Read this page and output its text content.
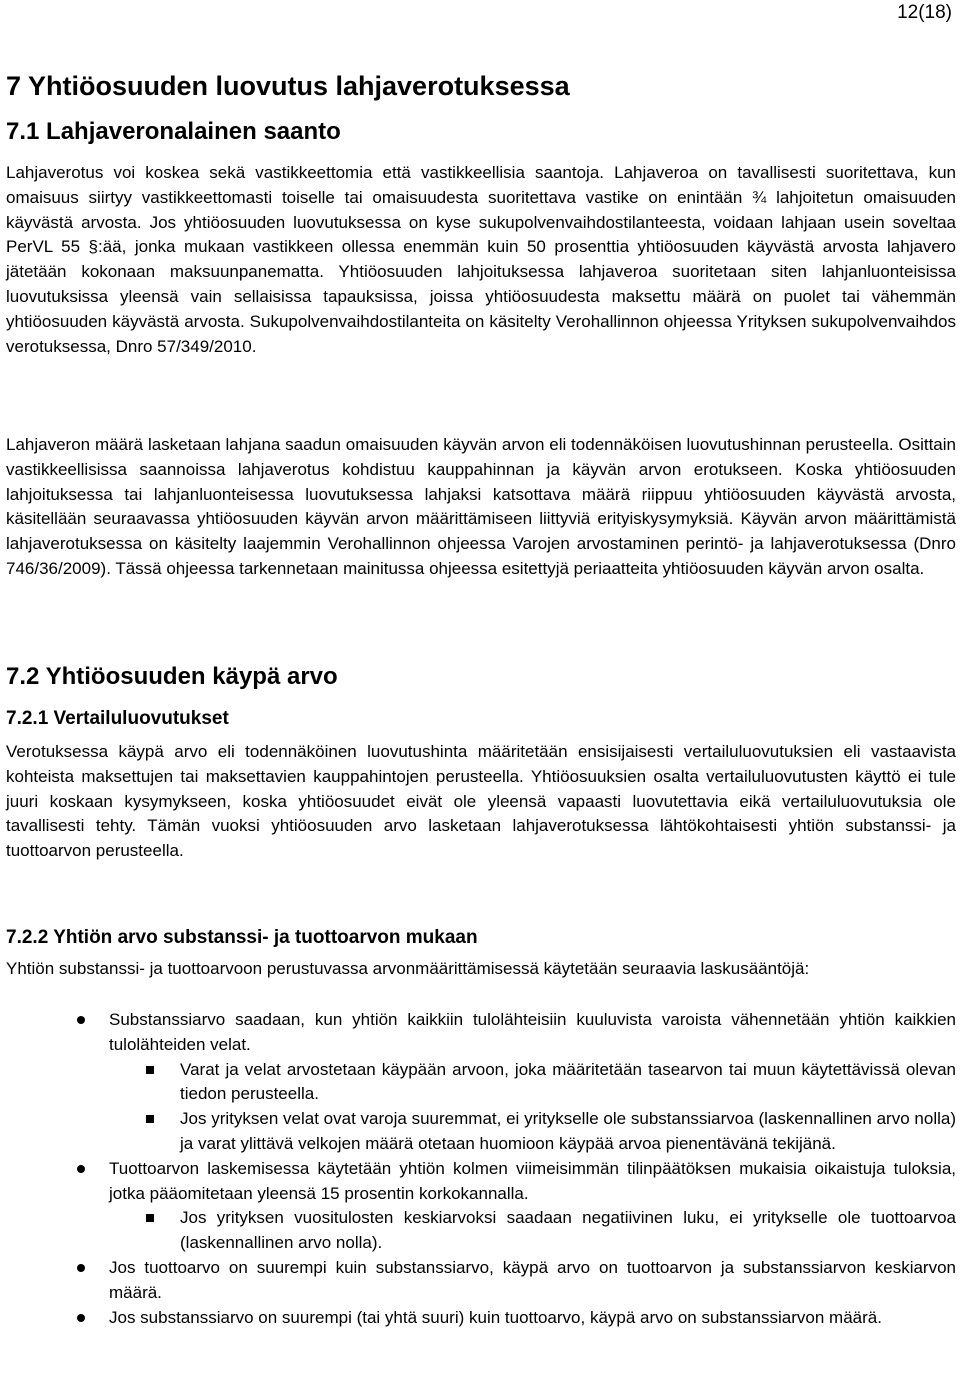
12(18)
7 Yhtiöosuuden luovutus lahjaverotuksessa
7.1 Lahjaveronalainen saanto

Lahjaverotus voi koskea sekä vastikkeettomia että vastikkeellisia saantoja. Lahjaveroa on tavallisesti suoritettava, kun omaisuus siirtyy vastikkeettomasti toiselle tai omaisuudesta suoritettava vastike on enintään ¾ lahjoitetun omaisuuden käyvästä arvosta. Jos yhtiöosuuden luovutuksessa on kyse sukupolvenvaihdostilanteesta, voidaan lahjaan usein soveltaa PerVL 55 §:ää, jonka mukaan vastikkeen ollessa enemmän kuin 50 prosenttia yhtiöosuuden käyvästä arvosta lahjavero jätetään kokonaan maksuunpanematta. Yhtiöosuuden lahjoituksessa lahjaveroa suoritetaan siten lahjanluonteisissa luovutuksissa yleensä vain sellaisissa tapauksissa, joissa yhtiöosuudesta maksettu määrä on puolet tai vähemmän yhtiöosuuden käyvästä arvosta. Sukupolvenvaihdostilanteita on käsitelty Verohallinnon ohjeessa Yrityksen sukupolvenvaihdos verotuksessa, Dnro 57/349/2010.

Lahjaveron määrä lasketaan lahjana saadun omaisuuden käyvän arvon eli todennäköisen luovutushinnan perusteella. Osittain vastikkeellisissa saannoissa lahjaverotus kohdistuu kauppahinnan ja käyvän arvon erotukseen. Koska yhtiöosuuden lahjoituksessa tai lahjanluonteisessa luovutuksessa lahjaksi katsottava määrä riippuu yhtiöosuuden käyvästä arvosta, käsitellään seuraavassa yhtiöosuuden käyvän arvon määrittämiseen liittyviä erityiskysymyksiä. Käyvän arvon määrittämistä lahjaverotuksessa on käsitelty laajemmin Verohallinnon ohjeessa Varojen arvostaminen perintö- ja lahjaverotuksessa (Dnro 746/36/2009). Tässä ohjeessa tarkennetaan mainitussa ohjeessa esitettyjä periaatteita yhtiöosuuden käyvän arvon osalta.

7.2 Yhtiöosuuden käypä arvo
7.2.1 Vertailuluovutukset

Verotuksessa käypä arvo eli todennäköinen luovutushinta määritetään ensisijaisesti vertailuluovutuksien eli vastaavista kohteista maksettujen tai maksettavien kauppahintojen perusteella. Yhtiöosuuksien osalta vertailuluovutusten käyttö ei tule juuri koskaan kysymykseen, koska yhtiöosuudet eivät ole yleensä vapaasti luovutettavia eikä vertailuluovutuksia ole tavallisesti tehty. Tämän vuoksi yhtiöosuuden arvo lasketaan lahjaverotuksessa lähtökohtaisesti yhtiön substanssi- ja tuottoarvon perusteella.

7.2.2 Yhtiön arvo substanssi- ja tuottoarvon mukaan

Yhtiön substanssi- ja tuottoarvoon perustuvassa arvonmäärittämisessä käytetään seuraavia laskusääntöjä:

Substanssiarvo saadaan, kun yhtiön kaikkiin tulolähteisiin kuuluvista varoista vähennetään yhtiön kaikkien tulolähteiden velat.
Varat ja velat arvostetaan käypään arvoon, joka määritetään tasearvon tai muun käytettävissä olevan tiedon perusteella.
Jos yrityksen velat ovat varoja suuremmat, ei yritykselle ole substanssiarvoa (laskennallinen arvo nolla) ja varat ylittävä velkojen määrä otetaan huomioon käypää arvoa pienentävänä tekijänä.
Tuottoarvon laskemisessa käytetään yhtiön kolmen viimeisimmän tilinpäätöksen mukaisia oikaistuja tuloksia, jotka pääomitetaan yleensä 15 prosentin korkokannalla.
Jos yrityksen vuositulosten keskiarvoksi saadaan negatiivinen luku, ei yritykselle ole tuottoarvoa (laskennallinen arvo nolla).
Jos tuottoarvo on suurempi kuin substanssiarvo, käypä arvo on tuottoarvon ja substanssiarvon keskiarvon määrä.
Jos substanssiarvo on suurempi (tai yhtä suuri) kuin tuottoarvo, käypä arvo on substanssiarvon määrä.
